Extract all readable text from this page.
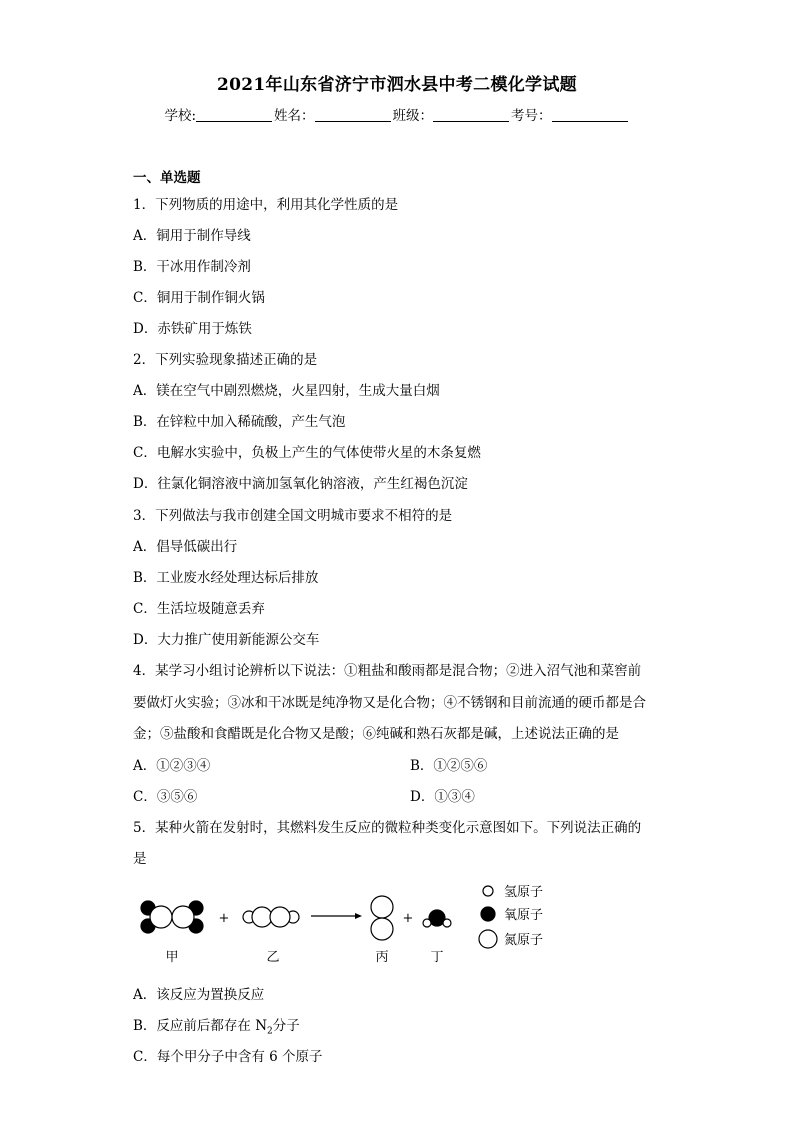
2021年山东省济宁市泗水县中考二模化学试题
学校:	姓名：	班级：	考号：
一、单选题
1．下列物质的用途中，利用其化学性质的是
A．铜用于制作导线
B．干冰用作制冷剂
C．铜用于制作铜火锅
D．赤铁矿用于炼铁
2．下列实验现象描述正确的是
A．镁在空气中剧烈燃烧，火星四射，生成大量白烟
B．在锌粒中加入稀硫酸，产生气泡
C．电解水实验中，负极上产生的气体使带火星的木条复燃
D．往氯化铜溶液中滴加氢氧化钠溶液，产生红褐色沉淀
3．下列做法与我市创建全国文明城市要求不相符的是
A．倡导低碳出行
B．工业废水经处理达标后排放
C．生活垃圾随意丢弃
D．大力推广使用新能源公交车
4．某学习小组讨论辨析以下说法：①粗盐和酸雨都是混合物；②进入沼气池和菜窖前
要做灯火实验；③冰和干冰既是纯净物又是化合物；④不锈钢和目前流通的硬币都是合
金；⑤盐酸和食醋既是化合物又是酸；⑥纯碱和熟石灰都是碱，上述说法正确的是
A．①②③④	B．①②⑤⑥
C．③⑤⑥	D．①③④
5．某种火箭在发射时，其燃料发生反应的微粒种类变化示意图如下。下列说法正确的
是
+	+
甲	乙	丙	丁
氢原子
氧原子
氮原子
A．该反应为置换反应
B．反应前后都存在 $N_2$分子
C．每个甲分子中含有 6 个原子
